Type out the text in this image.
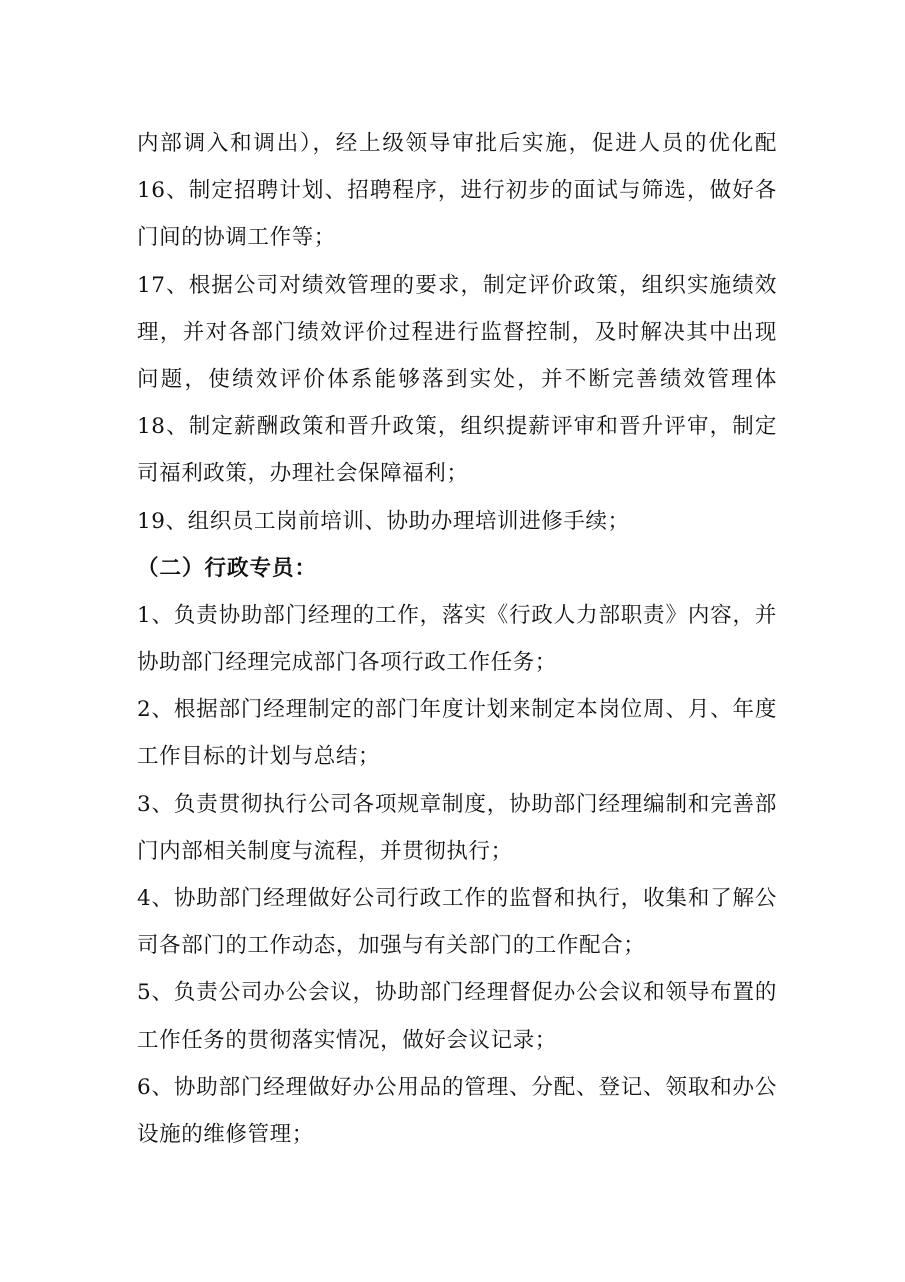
内部调入和调出），经上级领导审批后实施，促进人员的优化配
16、制定招聘计划、招聘程序，进行初步的面试与筛选，做好各
门间的协调工作等；
17、根据公司对绩效管理的要求，制定评价政策，组织实施绩效
理，并对各部门绩效评价过程进行监督控制，及时解决其中出现
问题，使绩效评价体系能够落到实处，并不断完善绩效管理体
18、制定薪酬政策和晋升政策，组织提薪评审和晋升评审，制定
司福利政策，办理社会保障福利；
19、组织员工岗前培训、协助办理培训进修手续；
（二）行政专员：
1、负责协助部门经理的工作，落实《行政人力部职责》内容，并
协助部门经理完成部门各项行政工作任务；
2、根据部门经理制定的部门年度计划来制定本岗位周、月、年度
工作目标的计划与总结；
3、负责贯彻执行公司各项规章制度，协助部门经理编制和完善部
门内部相关制度与流程，并贯彻执行；
4、协助部门经理做好公司行政工作的监督和执行，收集和了解公
司各部门的工作动态，加强与有关部门的工作配合；
5、负责公司办公会议，协助部门经理督促办公会议和领导布置的
工作任务的贯彻落实情况，做好会议记录；
6、协助部门经理做好办公用品的管理、分配、登记、领取和办公
设施的维修管理；
